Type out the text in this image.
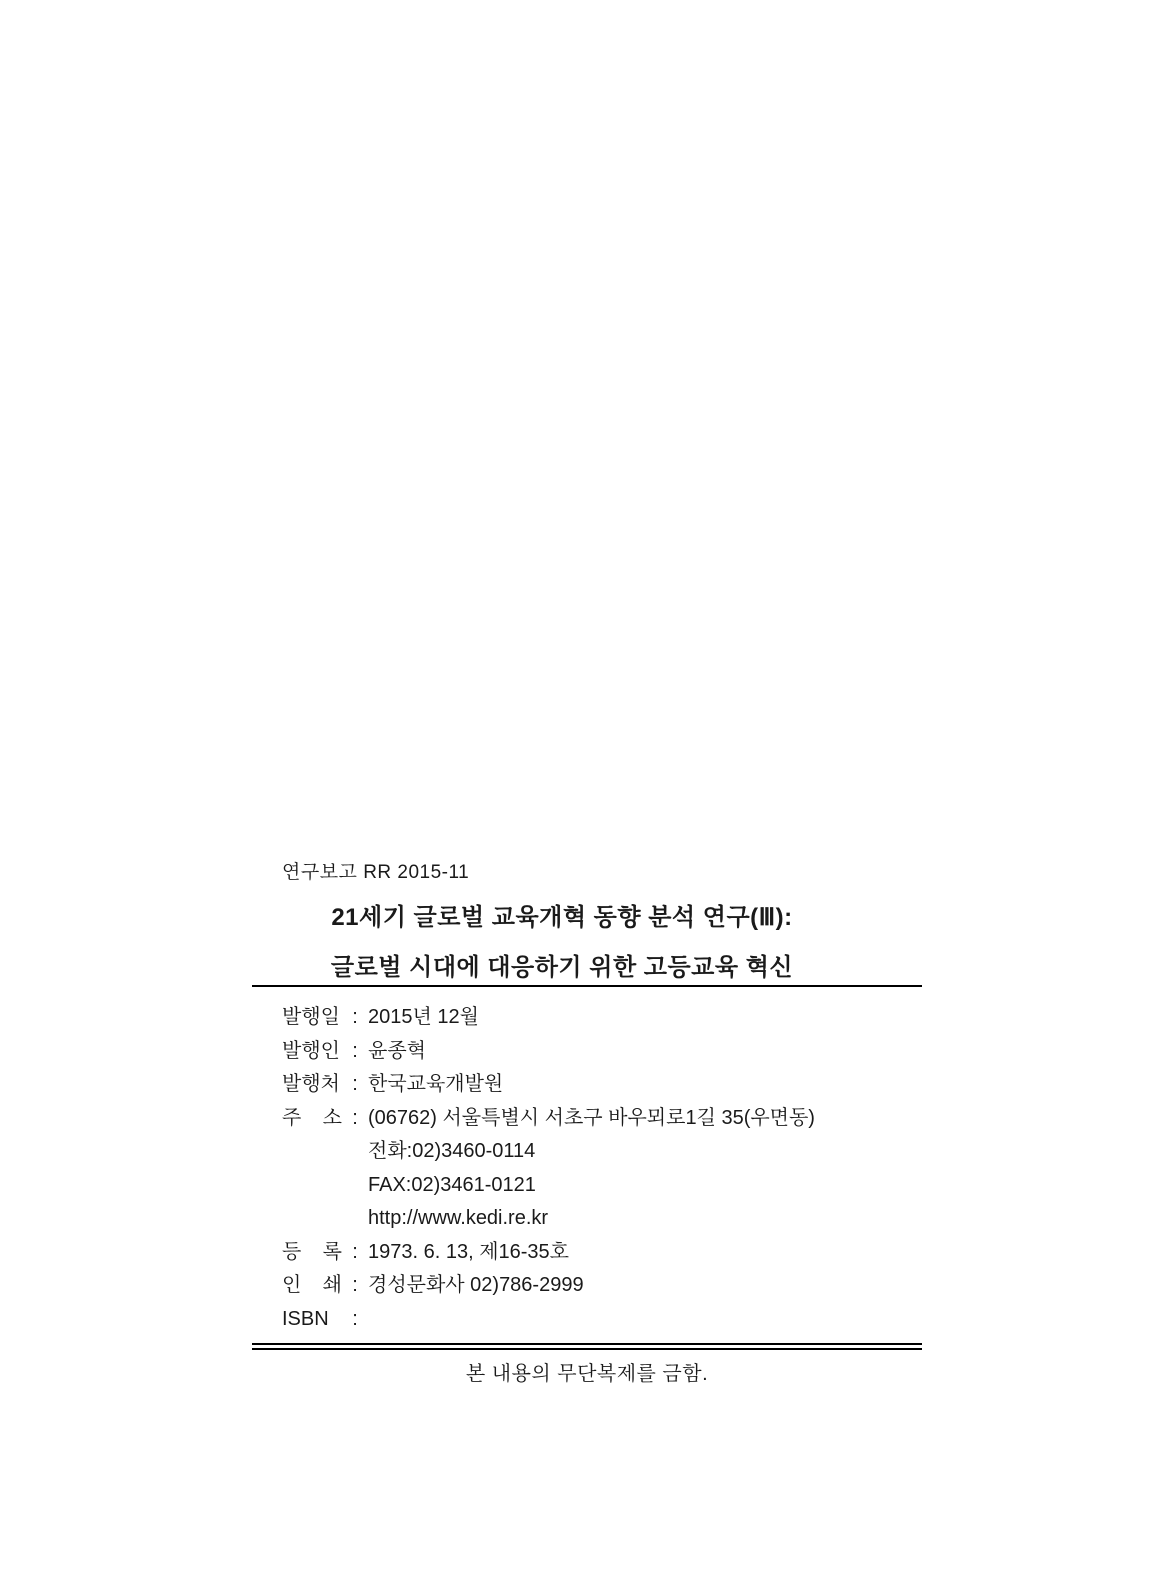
연구보고 RR 2015-11
21세기 글로벌 교육개혁 동향 분석 연구(Ⅲ):
글로벌 시대에 대응하기 위한 고등교육 혁신
발행일 : 2015년 12월
발행인 : 윤종혁
발행처 : 한국교육개발원
주 소 : (06762) 서울특별시 서초구 바우뫼로1길 35(우면동)
전화:02)3460-0114
FAX:02)3461-0121
http://www.kedi.re.kr
등 록 : 1973. 6. 13, 제16-35호
인 쇄 : 경성문화사 02)786-2999
ISBN	:
본 내용의 무단복제를 금함.
